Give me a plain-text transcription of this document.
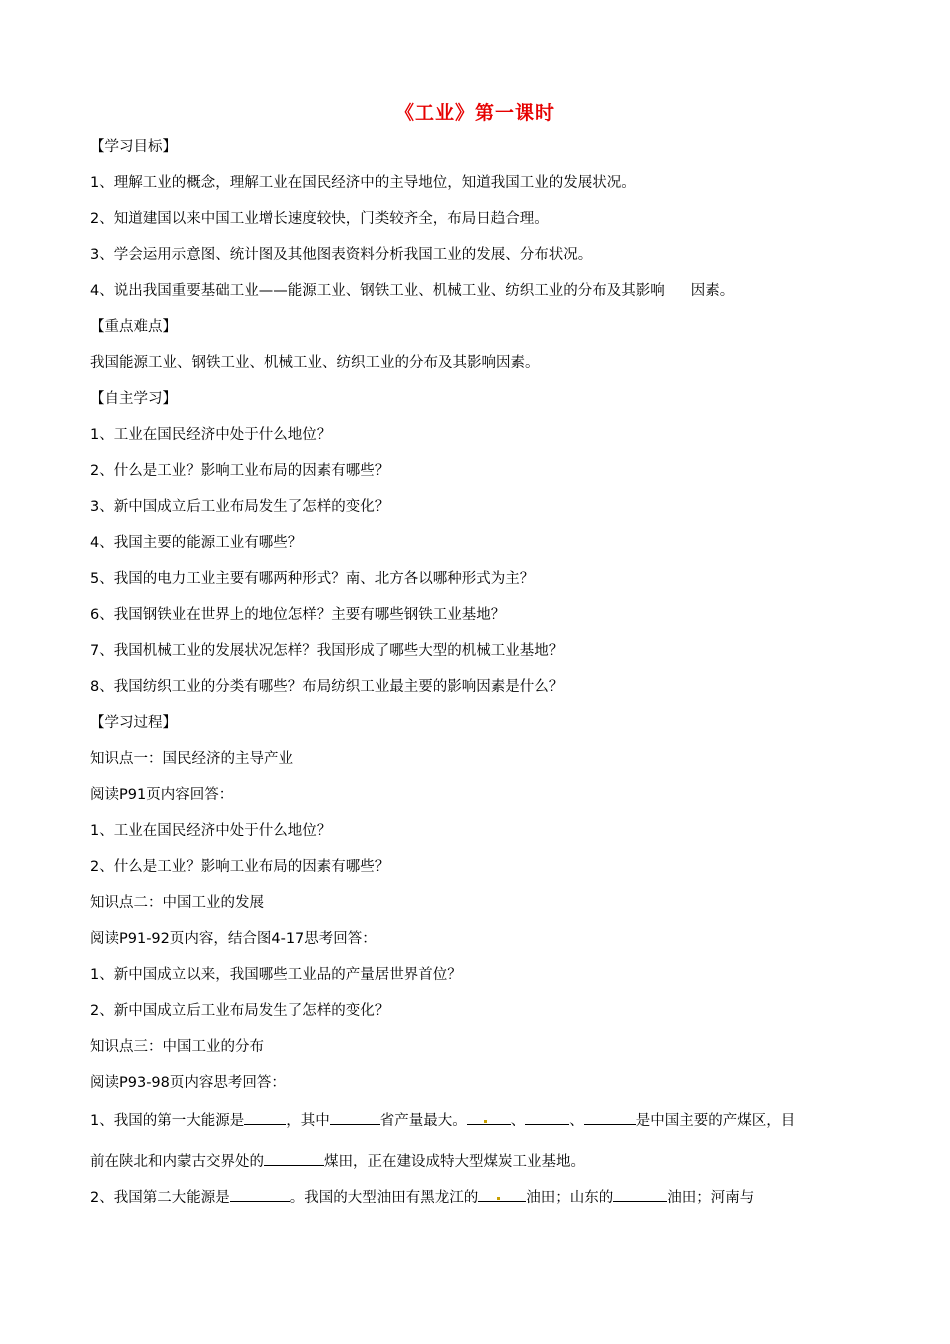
《工业》第一课时
【学习目标】
1、理解工业的概念，理解工业在国民经济中的主导地位，知道我国工业的发展状况。
2、知道建国以来中国工业增长速度较快，门类较齐全，布局日趋合理。
3、学会运用示意图、统计图及其他图表资料分析我国工业的发展、分布状况。
4、说出我国重要基础工业——能源工业、钢铁工业、机械工业、纺织工业的分布及其影响 因素。
【重点难点】
我国能源工业、钢铁工业、机械工业、纺织工业的分布及其影响因素。
【自主学习】
1、工业在国民经济中处于什么地位？
2、什么是工业？影响工业布局的因素有哪些？
3、新中国成立后工业布局发生了怎样的变化？
4、我国主要的能源工业有哪些？
5、我国的电力工业主要有哪两种形式？南、北方各以哪种形式为主？
6、我国钢铁业在世界上的地位怎样？主要有哪些钢铁工业基地？
7、我国机械工业的发展状况怎样？我国形成了哪些大型的机械工业基地？
8、我国纺织工业的分类有哪些？布局纺织工业最主要的影响因素是什么？
【学习过程】
知识点一：国民经济的主导产业
阅读P91页内容回答：
1、工业在国民经济中处于什么地位？
2、什么是工业？影响工业布局的因素有哪些？
知识点二：中国工业的发展
阅读P91-92页内容，结合图4-17思考回答：
1、新中国成立以来，我国哪些工业品的产量居世界首位？
2、新中国成立后工业布局发生了怎样的变化？
知识点三：中国工业的分布
阅读P93-98页内容思考回答：
1、我国的第一大能源是	，其中	省产量最大。	、	、	是中国主要的产煤区，目
前在陕北和内蒙古交界处的	煤田，正在建设成特大型煤炭工业基地。
2、我国第二大能源是	。我国的大型油田有黑龙江的	油田；山东的	油田；河南与
